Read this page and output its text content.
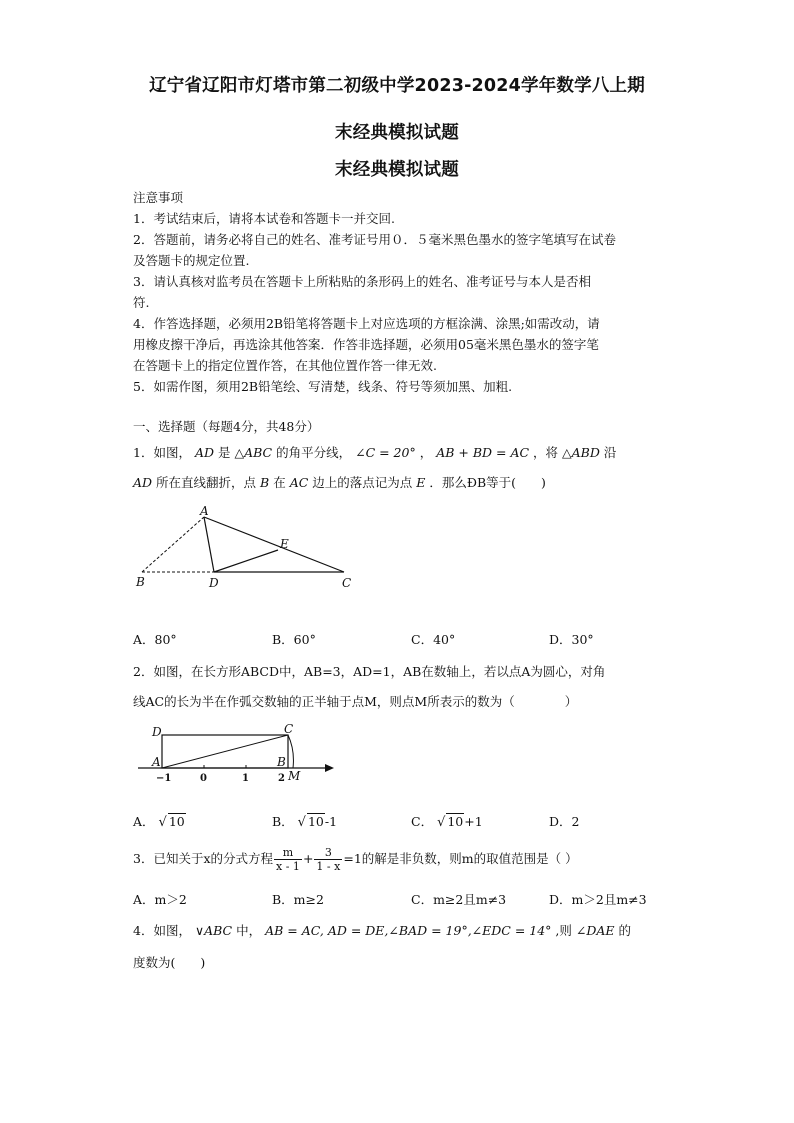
辽宁省辽阳市灯塔市第二初级中学2023-2024学年数学八上期
末经典模拟试题
末经典模拟试题
注意事项
1．考试结束后，请将本试卷和答题卡一并交回.
2．答题前，请务必将自己的姓名、准考证号用０．５毫米黑色墨水的签字笔填写在试卷
及答题卡的规定位置.
3．请认真核对监考员在答题卡上所粘贴的条形码上的姓名、准考证号与本人是否相
符.
4．作答选择题，必须用2B铅笔将答题卡上对应选项的方框涂满、涂黑;如需改动，请
用橡皮擦干净后，再选涂其他答案．作答非选择题，必须用05毫米黑色墨水的签字笔
在答题卡上的指定位置作答，在其他位置作答一律无效.
5．如需作图，须用2B铅笔绘、写清楚，线条、符号等须加黑、加粗.
一、选择题（每题4分，共48分）
1．如图， AD 是 △ABC 的角平分线， ∠C = 20° ， AB + BD = AC ，将 △ABD 沿
AD 所在直线翻折，点 B 在 AC 边上的落点记为点 E ．那么ÐB等于(　　)
A
E
B	D	C
A．80°	B．60°	C．40°	D．30°
2．如图，在长方形ABCD中，AB=3，AD=1，AB在数轴上，若以点A为圆心，对角
线AC的长为半在作弧交数轴的正半轴于点M，则点M所表示的数为（　　　　）
D	C
A	B
M
−1	0	1	2
A． √ 10	B． √ 10-1	C． √ 10+1	D．2
3．已知关于x的分式方程 $\frac{m}{x - 1} + \frac{3}{1 - x} =1$的解是非负数，则m的取值范围是（ ）
A．m＞2	B．m≥2	C．m≥2且m≠3	D．m＞2且m≠3
4．如图， ∨ABC 中， AB = AC, AD = DE,∠BAD = 19°,∠EDC = 14° ,则 ∠DAE 的
度数为(　　)
